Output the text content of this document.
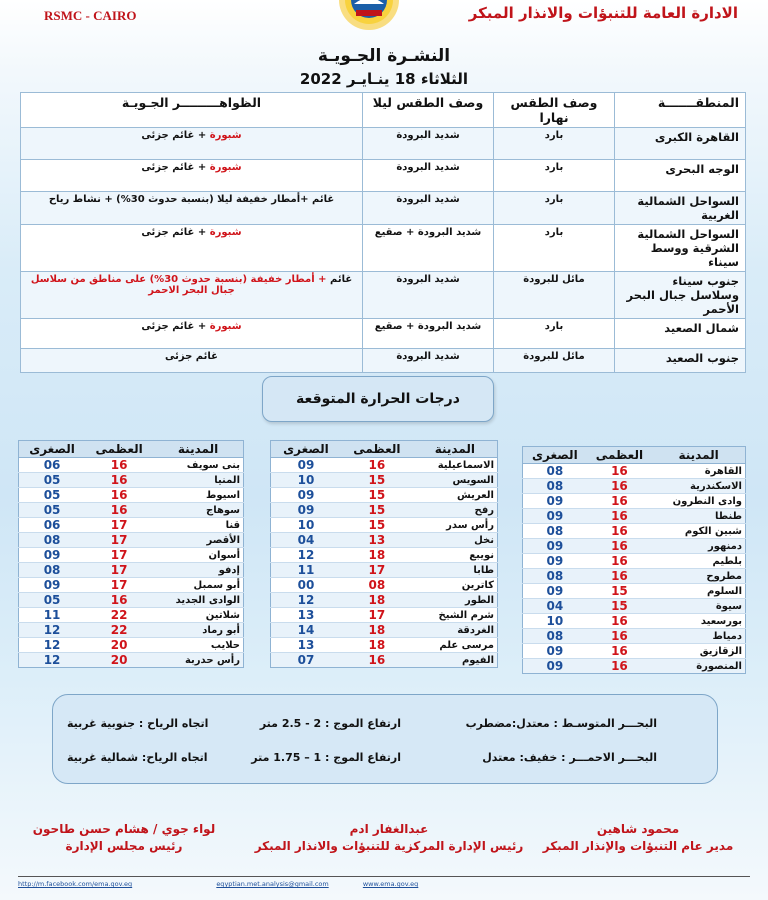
الادارة العامة للتنبؤات والانذار المبكر
RSMC - CAIRO
النشـرة الجـويـة
الثلاثاء 18 ينـايـر 2022
المنطقـــــــة	وصف الطقس نهارا	وصف الطقس ليلا	الظواهـــــــــر الجـويـة
القاهرة الكبرى	بارد	شديد البرودة	شبورة + غائم جزئى
الوجه البحرى	بارد	شديد البرودة	شبورة + غائم جزئى
السواحل الشمالية الغربية	بارد	شديد البرودة	غائم +أمطار خفيفة ليلا (بنسبة حدوث 30%) + نشاط رياح
السواحل الشمالية الشرقية ووسط سيناء	بارد	شديد البرودة + صقيع	شبورة + غائم جزئى
جنوب سيناء وسلاسل جبال البحر الأحمر	مائل للبرودة	شديد البرودة	غائم + أمطار خفيفة (بنسبة حدوث 30%) على مناطق من سلاسل جبال البحر الاحمر
شمال الصعيد	بارد	شديد البرودة + صقيع	شبورة + غائم جزئى
جنوب الصعيد	مائل للبرودة	شديد البرودة	غائم جزئى
درجات الحرارة المتوقعة
المدينة	العظمى	الصغرى
القاهرة	16	08
الاسكندرية	16	08
وادى النطرون	16	09
طنطا	16	09
شبين الكوم	16	08
دمنهور	16	09
بلطيم	16	09
مطروح	16	08
السلوم	15	09
سيوة	15	04
بورسعيد	16	10
دمياط	16	08
الزقازيق	16	09
المنصورة	16	09
المدينة	العظمى	الصغرى
الاسماعيلية	16	09
السويس	15	10
العريش	15	09
رفح	15	09
رأس سدر	15	10
نخل	13	04
نويبع	18	12
طابا	17	11
كاترين	08	00
الطور	18	12
شرم الشيخ	17	13
الغردقة	18	14
مرسى علم	18	13
الفيوم	16	07
المدينة	العظمى	الصغرى
بنى سويف	16	06
المنيا	16	05
اسيوط	16	05
سوهاج	16	05
قنا	17	06
الأقصر	17	08
أسوان	17	09
إدفو	17	08
أبو سمبل	17	09
الوادى الجديد	16	05
شلاتين	22	11
أبو رماد	22	12
حلايب	20	12
رأس حدربة	20	12
البحـــر المتوسـط : معتدل:مضطرب
ارتفاع الموج : 2 - 2.5 متر
اتجاه الرياح : جنوبية غربية
البحـــر الاحمـــر : خفيف: معتدل
ارتفاع الموج : 1 – 1.75 متر
اتجاه الرياح: شمالية غربية
محمود شاهين
مدير عام التنبؤات والإنذار المبكر
عبدالغفار ادم
رئيس الإدارة المركزية للتنبؤات والانذار المبكر
لواء جوي / هشام حسن طاحون
رئيس مجلس الإدارة
http://m.facebook.com/ema.gov.eg	egyptian.met.analysis@gmail.com	www.ema.gov.eg
